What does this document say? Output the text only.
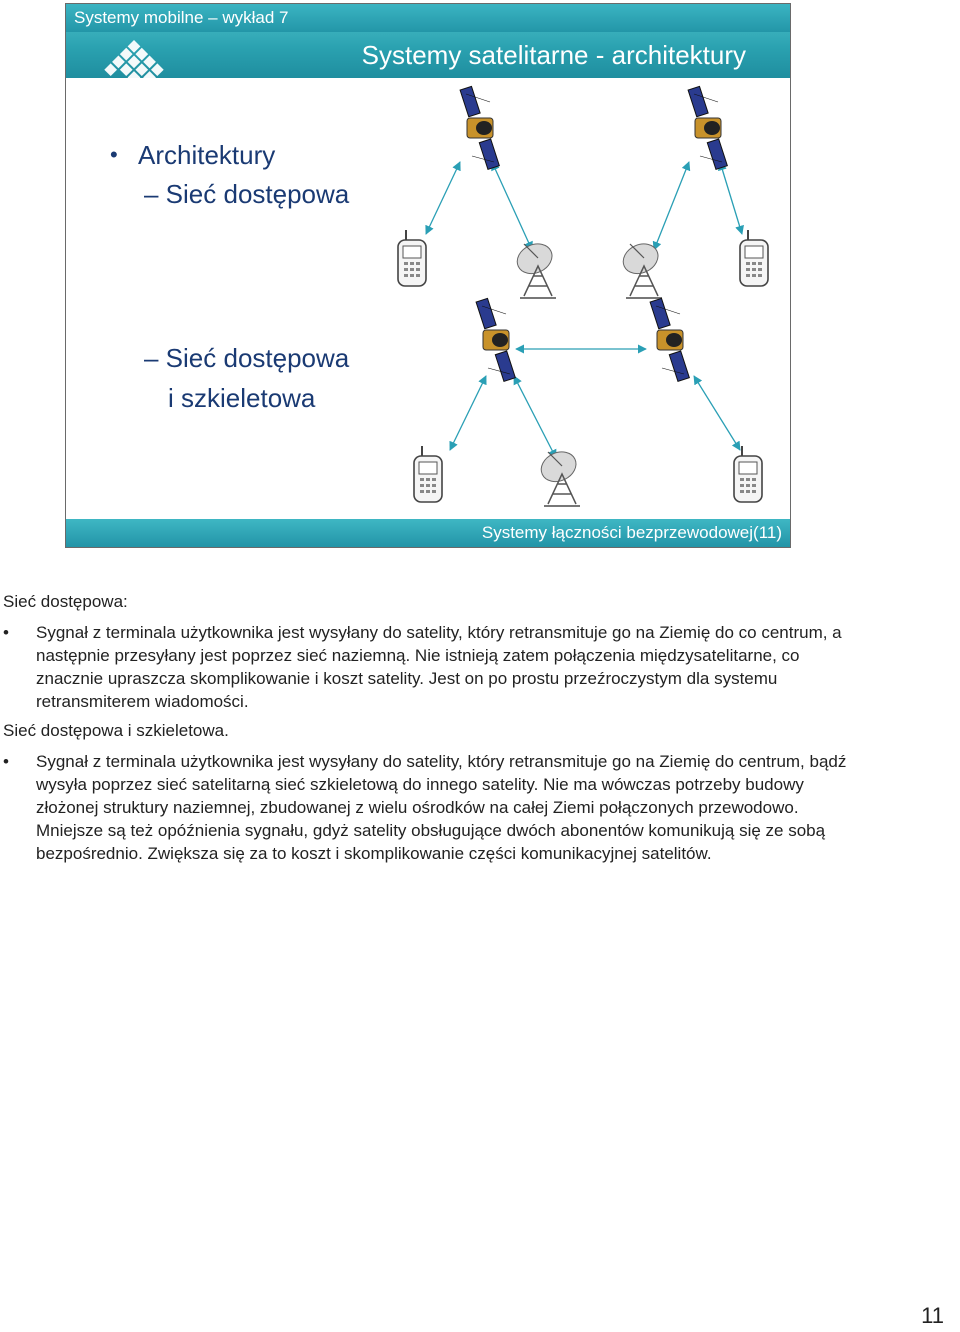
Systemy mobilne – wykład 7
Systemy satelitarne - architektury
UCZELNIA
ONLINE
• Architektury
– Sieć dostępowa
– Sieć dostępowa
i szkieletowa
Systemy łączności bezprzewodowej(11)

Sieć dostępowa:

• Sygnał z terminala użytkownika jest wysyłany do satelity, który retransmituje go na Ziemię do co centrum, a następnie przesyłany jest poprzez sieć naziemną. Nie istnieją zatem połączenia międzysatelitarne, co znacznie upraszcza skomplikowanie i koszt satelity. Jest on po prostu przeźroczystym dla systemu retransmiterem wiadomości.

Sieć dostępowa i szkieletowa.

• Sygnał z terminala użytkownika jest wysyłany do satelity, który retransmituje go na Ziemię do centrum, bądź wysyła poprzez sieć satelitarną sieć szkieletową do innego satelity. Nie ma wówczas potrzeby budowy złożonej struktury naziemnej, zbudowanej z wielu ośrodków na całej Ziemi połączonych przewodowo. Mniejsze są też opóźnienia sygnału, gdyż satelity obsługujące dwóch abonentów komunikują się ze sobą bezpośrednio. Zwiększa się za to koszt i skomplikowanie części komunikacyjnej satelitów.
11
